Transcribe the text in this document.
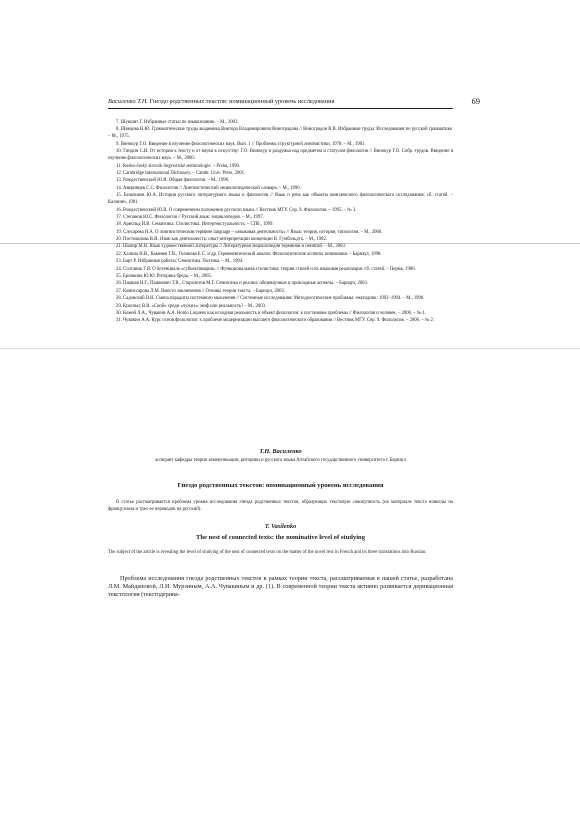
Василенко Т.Н. Гнездо родственных текстов: номинационный уровень исследования	69
7. Шукшит Г. Избранные статьи по языкознанию. – М., 2003.
8. Шведова Н.Ю. Грамматические труды академика Виктора Владимировича Виноградова // Виноградов В.В. Избранные труды: Исследования по русской грамматике. – М., 1975.
9. Винокур Г.О. Введение в изучение филологических наук. Вып. 1 // Проблемы структурной лингвистики, 1978. – М., 1981.
10. Гиндин С.И. От истории к тексту и от науки к искусству: Г.О. Винокур и раздумья над предметом и статусом филологии // Винокур Г.О. Собр. трудов. Введение в изучение филологических наук. – М., 2000.
11. Rusko-český slovník lingvistické terminologie. – Praha, 1990.
12. Cambridge International Dictionary. – Cambr. Univ. Press, 2001.
13. Рождественский Ю.В. Общая филология. – М., 1996.
14. Аверинцев С.С. Филология // Лингвистический энциклопедический словарь. – М., 1990.
15. Бельчиков Ю.А. История русского литературного языка и филология // Язык и речь как объекты комплексного филологического исследования: сб. статей. – Калинин, 1981.
16. Рождественский Ю.В. О современном положении русского языка // Вестник МГУ. Сер. 9. Филология. – 1995. – № 3.
17. Степанов Ю.С. Филология // Русский язык: энциклопедия. – М., 1997.
18. Арнольд И.В. Семантика. Стилистика. Интертекстуальность. – СПб., 1999.
19. Слесарева Н.А. О лингвистическом термине language – «языковая деятельность» // Язык: теория, история, типология. – М., 2000.
20. Постовалова В.И. Язык как деятельность: опыт интерпретации концепции В. Гумбольдта. – М., 1982.
21. Шапир М.И. Язык художественной литературы // Литературная энциклопедия терминов и понятий. – М., 2003.
22. Халина Н.В., Камеяев Т.В., Голикова Е.С. и др. Герменевтический анализ: Филологические аспекты понимания. – Барнаул, 1998.
23. Барт Р. Избранные работы: Семиотика. Поэтика. – М., 1994.
24. Солганик Г.Я. О потенциале «субъективации» // Функциональная стилистика: теория стилей и их языковая реализация: сб. статей. – Пермь, 1986.
25. Бронкина Ю.Ю. Риторика бреда. – М., 2005.
26. Пашкая Н.Г., Пашкевич Т.В., Старолетов М.Г. Семиотика и реалии: общенаучные и прикладные аспекты. – Барнаул, 2003.
27. Комиссарова Л.М. Вместо заключения // Основы теории текста. – Барнаул, 2003.
28. Садовский В.Н. Смена парадигм системного мышления // Системные исследования: Методологические проблемы: ежегодник: 1992–1994. – М., 1996.
29. Красных В.В. «Свой» среди «чужих»: миф или реальность? – М., 2003.
30. Кожей Л.А., Чувакин А.А. Homo Loquens как исходная реальность и объект филологии: к постановке проблемы // Филология и человек. – 2006. – № 1.
31. Чувакин А.А. Курс основ филологии: к проблеме модернизации высшего филологического образования // Вестник МГУ. Сер. 9. Филология. – 2006. – № 2.
Т.Н. Василенко
аспирант кафедры теории коммуникации, риторики и русского языка Алтайского государственного университета г. Барнаул
Гнездо родственных текстов: номинационный уровень исследования
В статье рассматривается проблема уровня исследования гнезда родственных текстов, образующих текстовую совокупность (на материале текста новеллы на французском и трех ее переводов на русский).
T. Vasilenko
The nest of connected texts: the nominative level of studying
The subject of the article is revealing the level of studying of the nest of connected texts on the matter of the novel text in French and its three translations into Russian.
Проблема исследования гнезда родственных текстов в рамках теории текста, рассматриваемая в нашей статье, разработана Л.М. Майдановой, Л.И. Мурзиным, А.А. Чувакиным и др. (1). В современной теории текста активно развивается деривационная текстология (текстодерива-
